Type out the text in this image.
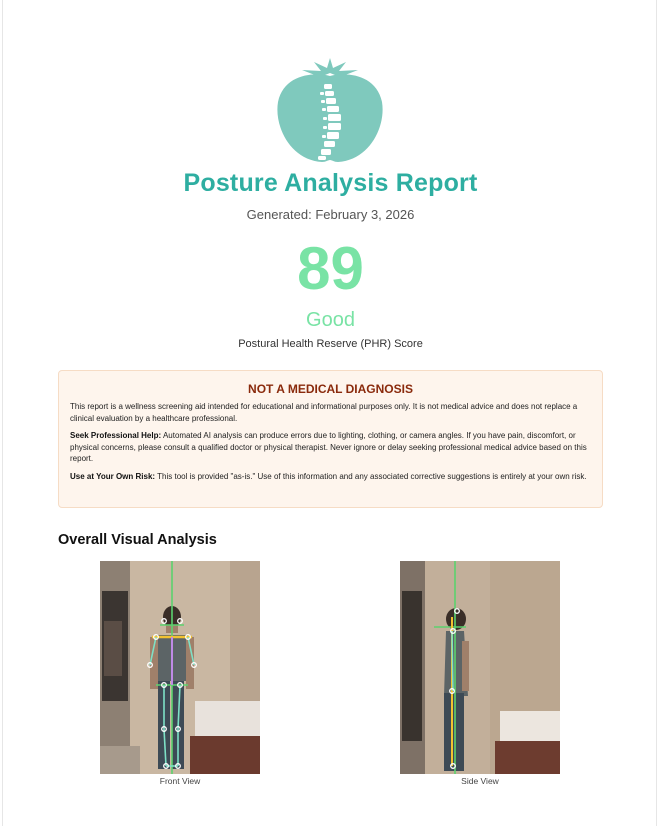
Posture Analysis Report
Generated: February 3, 2026
89
Good
Postural Health Reserve (PHR) Score
NOT A MEDICAL DIAGNOSIS

This report is a wellness screening aid intended for educational and informational purposes only. It is not medical advice and does not replace a clinical evaluation by a healthcare professional.

Seek Professional Help: Automated AI analysis can produce errors due to lighting, clothing, or camera angles. If you have pain, discomfort, or physical concerns, please consult a qualified doctor or physical therapist. Never ignore or delay seeking professional medical advice based on this report.

Use at Your Own Risk: This tool is provided "as-is." Use of this information and any associated corrective suggestions is entirely at your own risk.

Overall Visual Analysis
Front View	Side View
